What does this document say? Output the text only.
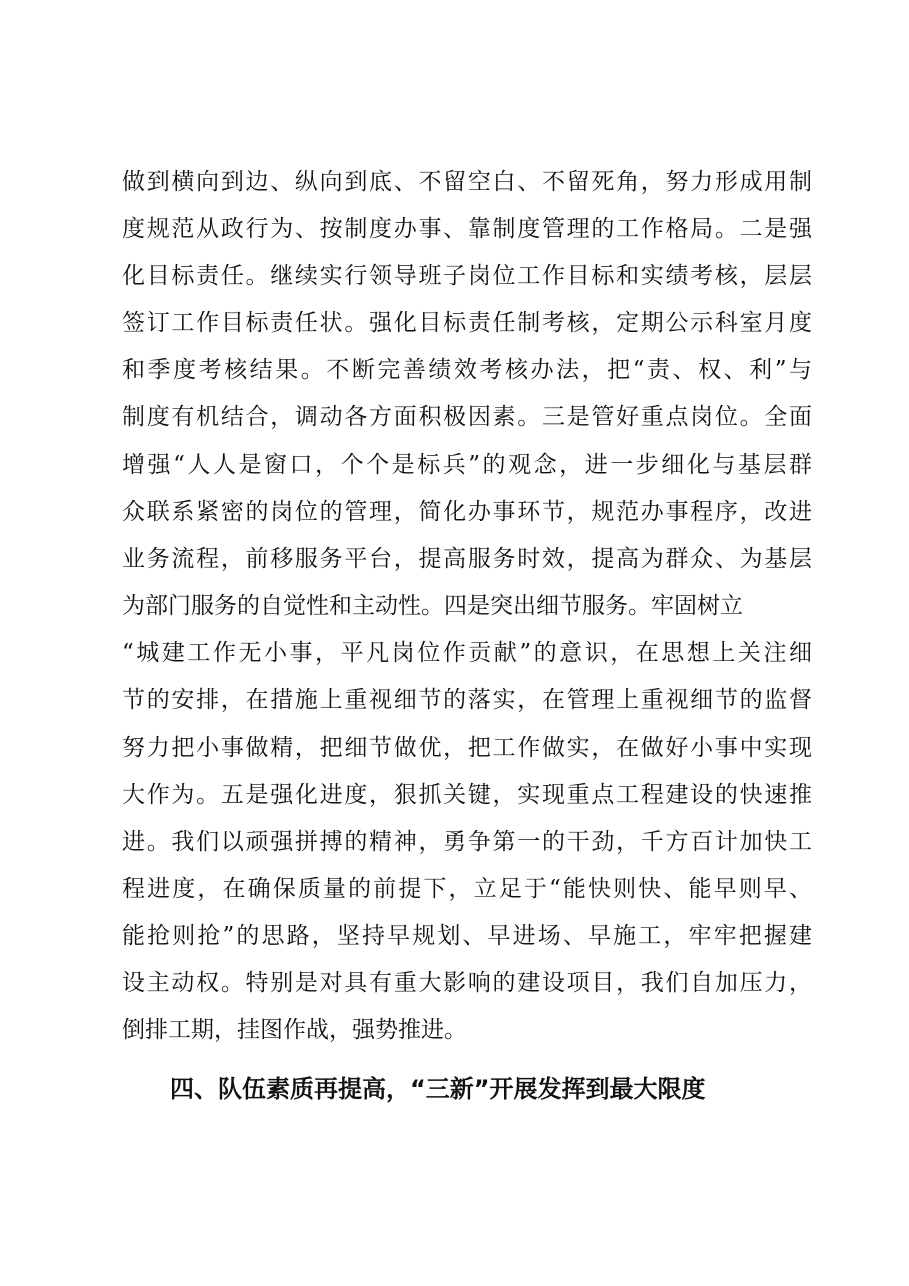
做到横向到边、纵向到底、不留空白、不留死角，努力形成用制
度规范从政行为、按制度办事、靠制度管理的工作格局。二是强
化目标责任。继续实行领导班子岗位工作目标和实绩考核，层层
签订工作目标责任状。强化目标责任制考核，定期公示科室月度
和季度考核结果。不断完善绩效考核办法，把“责、权、利”与
制度有机结合，调动各方面积极因素。三是管好重点岗位。全面
增强“人人是窗口，个个是标兵”的观念，进一步细化与基层群
众联系紧密的岗位的管理，简化办事环节，规范办事程序，改进
业务流程，前移服务平台，提高服务时效，提高为群众、为基层
为部门服务的自觉性和主动性。四是突出细节服务。牢固树立
“城建工作无小事，平凡岗位作贡献”的意识，在思想上关注细
节的安排，在措施上重视细节的落实，在管理上重视细节的监督
努力把小事做精，把细节做优，把工作做实，在做好小事中实现
大作为。五是强化进度，狠抓关键，实现重点工程建设的快速推
进。我们以顽强拼搏的精神，勇争第一的干劲，千方百计加快工
程进度，在确保质量的前提下，立足于“能快则快、能早则早、
能抢则抢”的思路，坚持早规划、早进场、早施工，牢牢把握建
设主动权。特别是对具有重大影响的建设项目，我们自加压力，
倒排工期，挂图作战，强势推进。
四、队伍素质再提高，“三新”开展发挥到最大限度
